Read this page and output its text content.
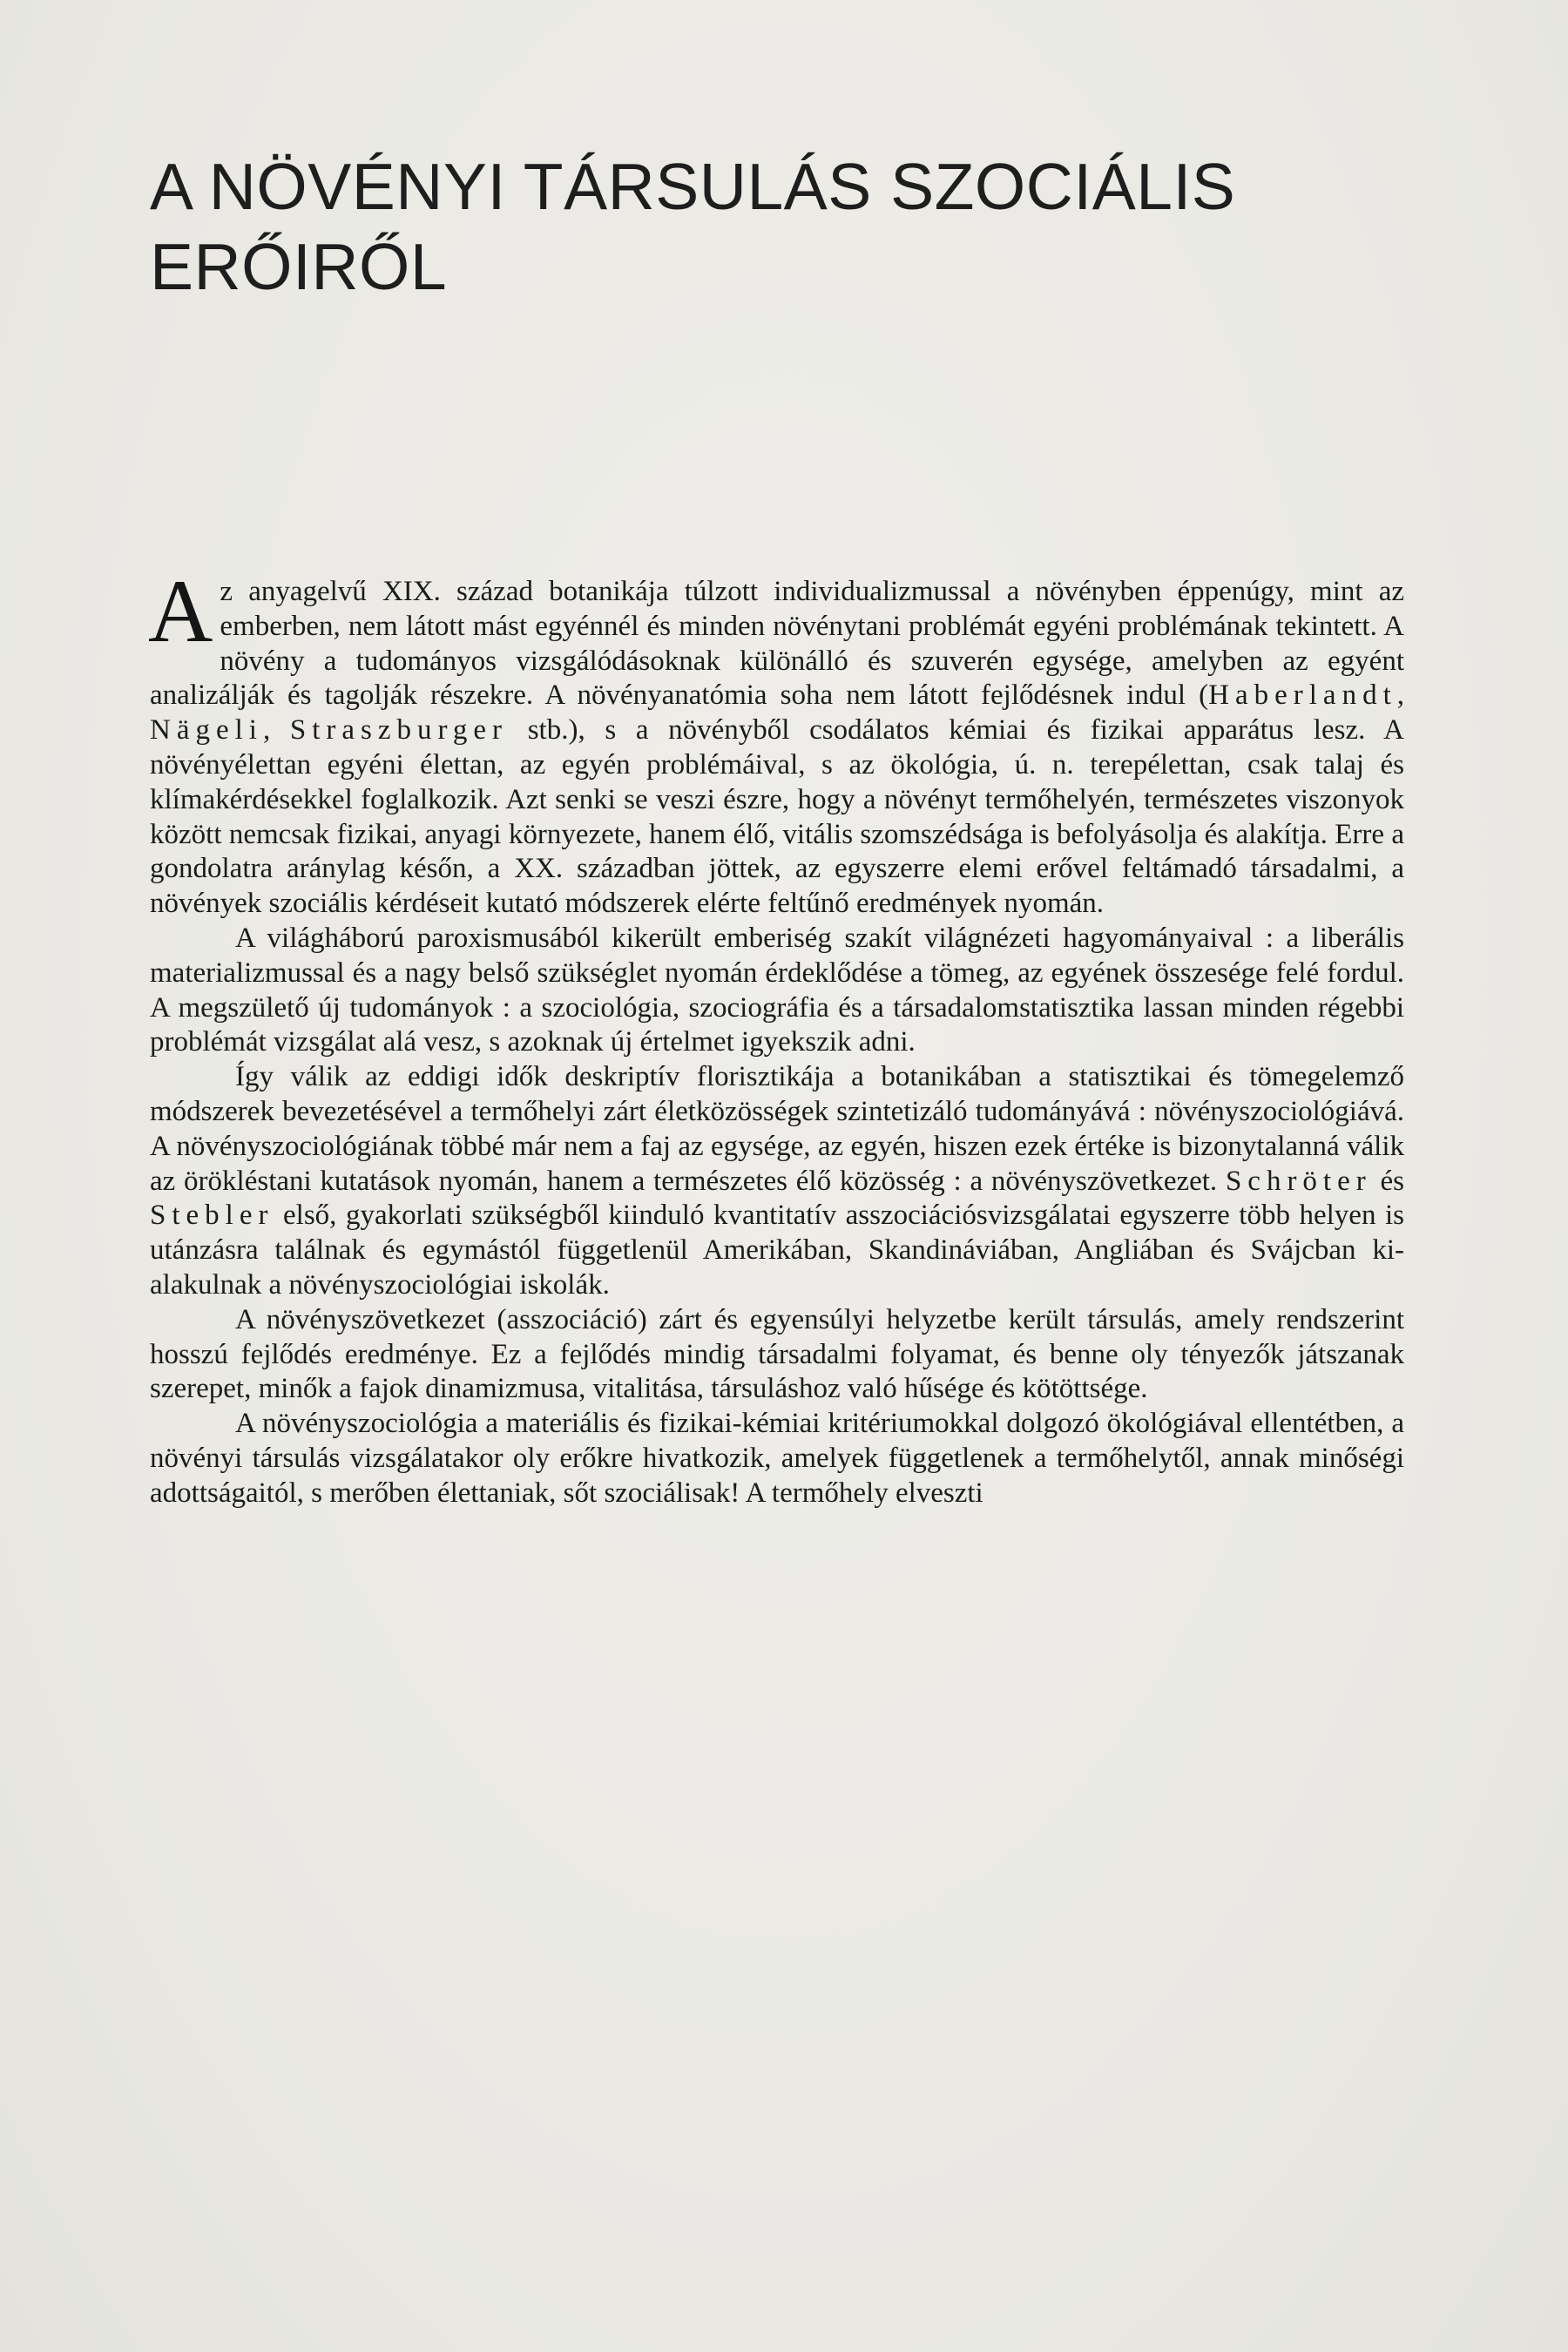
A NÖVÉNYI TÁRSULÁS SZOCIÁLIS
ERŐIRŐL

Az anyagelvű XIX. század botanikája túlzott individualizmussal a növényben éppenúgy, mint az emberben, nem látott mást egyénnél és minden növénytani problémát egyéni problémának tekintett. A növény a tudományos vizsgálódásoknak különálló és szuverén egysége, amelyben az egyént analizálják és tagolják részekre. A növényanatómia soha nem látott fejlődésnek indul (Haberlandt, Nägeli, Straszburger stb.), s a növényből csodálatos kémiai és fizikai apparátus lesz. A növényélettan egyéni élettan, az egyén problémáival, s az ökológia, ú. n. terepélettan, csak talaj és klímakérdésekkel foglalkozik. Azt senki se veszi észre, hogy a növényt termőhelyén, természetes viszonyok között nemcsak fizikai, anyagi környezete, hanem élő, vitális szomszédsága is befolyásolja és alakítja. Erre a gondolatra aránylag későn, a XX. században jöttek, az egyszerre elemi erővel feltámadó társadalmi, a növények szociális kérdéseit kutató módszerek elérte feltűnő eredmények nyomán.

A világháború paroxismusából kikerült emberiség szakít világnézeti hagyományaival : a liberális materializmussal és a nagy belső szükséglet nyomán érdeklődése a tömeg, az egyének összesége felé fordul. A megszülető új tudományok : a szociológia, szociográfia és a társadalomstatisztika lassan minden régebbi problémát vizsgálat alá vesz, s azoknak új értelmet igyekszik adni.

Így válik az eddigi idők deskriptív florisztikája a botanikában a statisztikai és tömegelemző módszerek bevezetésével a termőhelyi zárt életközösségek szintetizáló tudományává : növényszociológiává. A növényszociológiának többé már nem a faj az egysége, az egyén, hiszen ezek értéke is bizonytalanná válik az örökléstani kutatások nyomán, hanem a természetes élő közösség : a növényszövetkezet. Schröter és Stebler első, gyakorlati szükségből kiinduló kvantitatív asszociációsvizsgálatai egyszerre több helyen is utánzásra találnak és egymástól függetlenül Amerikában, Skandináviában, Angliában és Svájcban kialakulnak a növényszociológiai iskolák.

A növényszövetkezet (asszociáció) zárt és egyensúlyi helyzetbe került társulás, amely rendszerint hosszú fejlődés eredménye. Ez a fejlődés mindig társadalmi folyamat, és benne oly tényezők játszanak szerepet, minők a fajok dinamizmusa, vitalitása, társuláshoz való hűsége és kötöttsége.

A növényszociológia a materiális és fizikai-kémiai kritériumokkal dolgozó ökológiával ellentétben, a növényi társulás vizsgálatakor oly erőkre hivatkozik, amelyek függetlenek a termőhelytől, annak minőségi adottságaitól, s merőben élettaniak, sőt szociálisak! A termőhely elveszti
